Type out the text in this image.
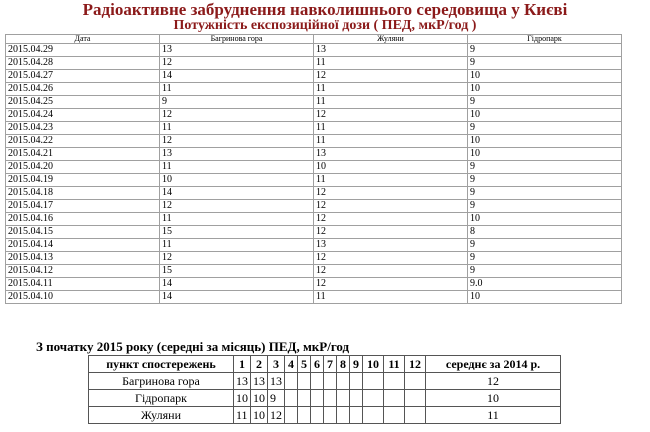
Радіоактивне забруднення навколишнього середовища у Києві
Потужність експозиційної дози ( ПЕД, мкР/год )
Дата	Багринова гора	Жуляни	Гідропарк
2015.04.29	13	13	9
2015.04.28	12	11	9
2015.04.27	14	12	10
2015.04.26	11	11	10
2015.04.25	9	11	9
2015.04.24	12	12	10
2015.04.23	11	11	9
2015.04.22	12	11	10
2015.04.21	13	13	10
2015.04.20	11	10	9
2015.04.19	10	11	9
2015.04.18	14	12	9
2015.04.17	12	12	9
2015.04.16	11	12	10
2015.04.15	15	12	8
2015.04.14	11	13	9
2015.04.13	12	12	9
2015.04.12	15	12	9
2015.04.11	14	12	9.0
2015.04.10	14	11	10
З початку 2015 року (середні за місяць) ПЕД, мкР/год
пункт спостережень	1	2	3	4	5	6	7	8	9	10	11	12	середнє за 2014 р.
Багринова гора	13	13	13										12
Гідропарк	10	10	9										10
Жуляни	11	10	12										11
